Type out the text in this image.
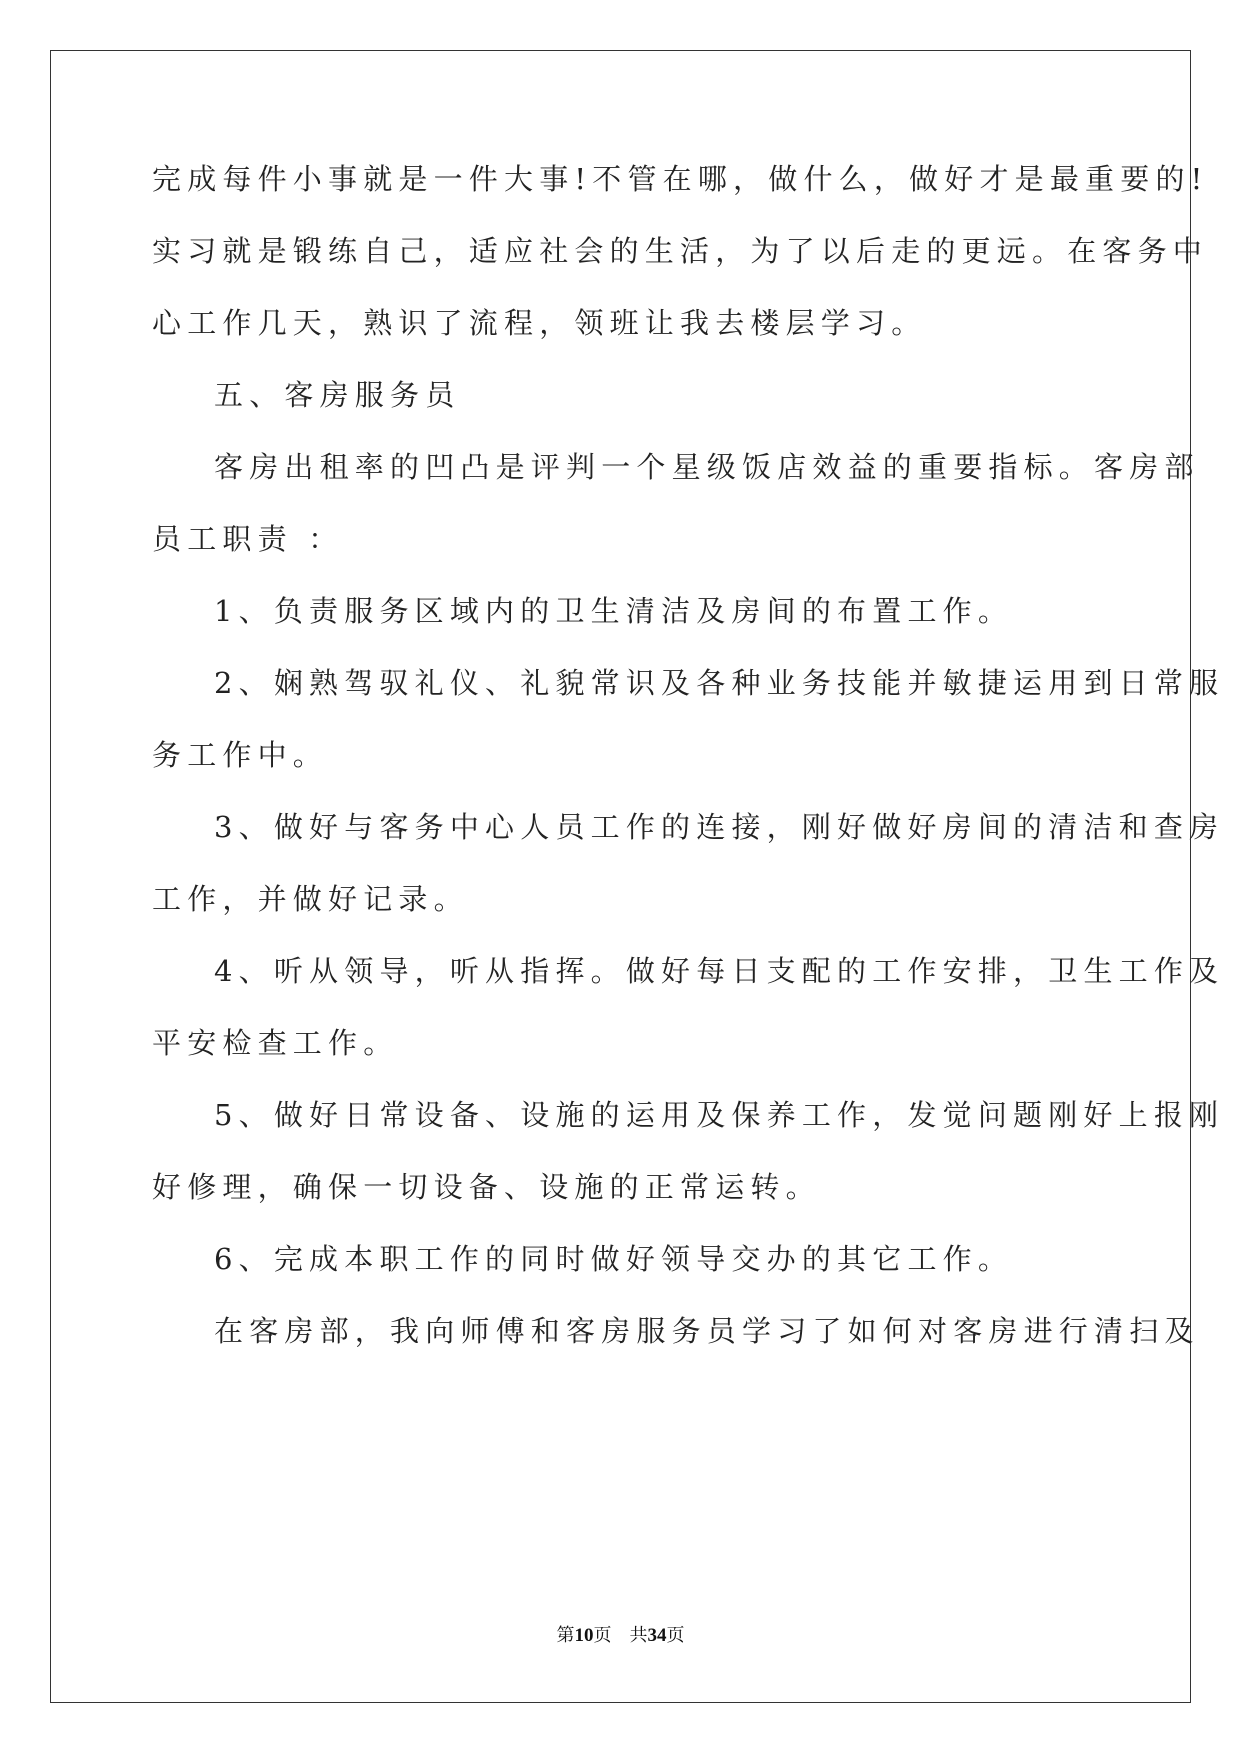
完成每件小事就是一件大事!不管在哪，做什么，做好才是最重要的!
实习就是锻练自己，适应社会的生活，为了以后走的更远。在客务中
心工作几天，熟识了流程，领班让我去楼层学习。
五、客房服务员
客房出租率的凹凸是评判一个星级饭店效益的重要指标。客房部
员工职责 ：
1、负责服务区域内的卫生清洁及房间的布置工作。
2、娴熟驾驭礼仪、礼貌常识及各种业务技能并敏捷运用到日常服
务工作中。
3、做好与客务中心人员工作的连接，刚好做好房间的清洁和查房
工作，并做好记录。
4、听从领导，听从指挥。做好每日支配的工作安排，卫生工作及
平安检查工作。
5、做好日常设备、设施的运用及保养工作，发觉问题刚好上报刚
好修理，确保一切设备、设施的正常运转。
6、完成本职工作的同时做好领导交办的其它工作。
在客房部，我向师傅和客房服务员学习了如何对客房进行清扫及
第10页　共34页
